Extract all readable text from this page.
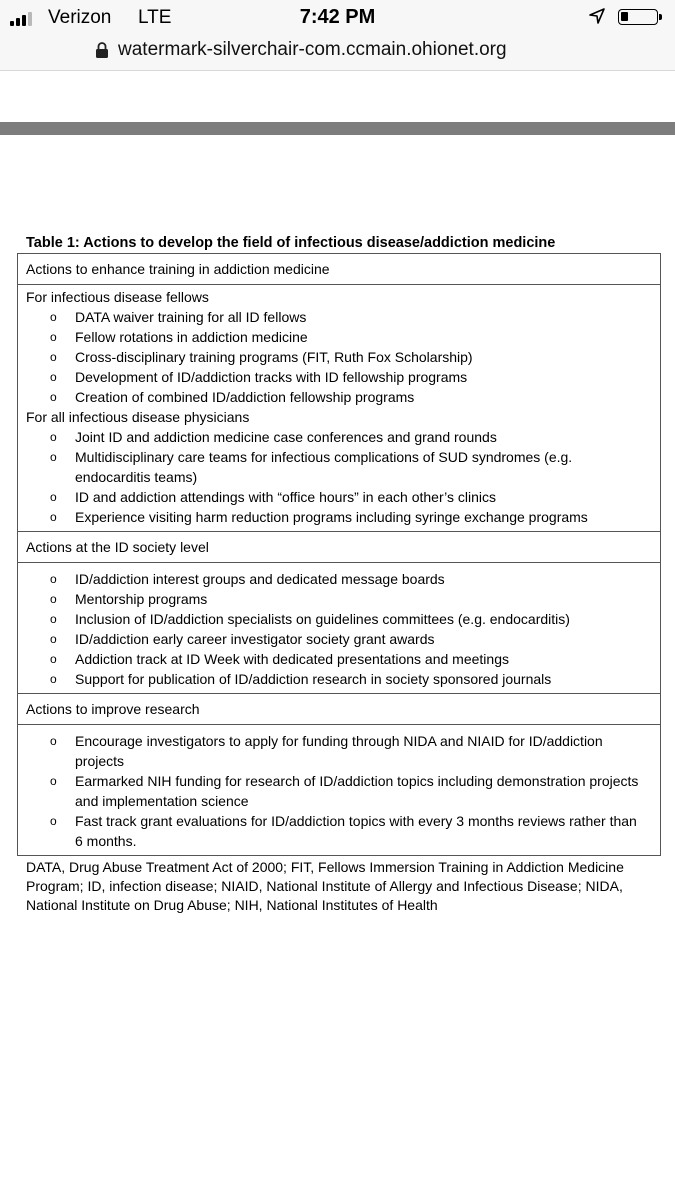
Verizon LTE	7:42 PM
watermark-silverchair-com.ccmain.ohionet.org
Table 1: Actions to develop the field of infectious disease/addiction medicine
Actions to enhance training in addiction medicine
For infectious disease fellows
o DATA waiver training for all ID fellows
o Fellow rotations in addiction medicine
o Cross-disciplinary training programs (FIT, Ruth Fox Scholarship)
o Development of ID/addiction tracks with ID fellowship programs
o Creation of combined ID/addiction fellowship programs
For all infectious disease physicians
o Joint ID and addiction medicine case conferences and grand rounds
o Multidisciplinary care teams for infectious complications of SUD syndromes (e.g. endocarditis teams)
o ID and addiction attendings with “office hours” in each other’s clinics
o Experience visiting harm reduction programs including syringe exchange programs
Actions at the ID society level
o ID/addiction interest groups and dedicated message boards
o Mentorship programs
o Inclusion of ID/addiction specialists on guidelines committees (e.g. endocarditis)
o ID/addiction early career investigator society grant awards
o Addiction track at ID Week with dedicated presentations and meetings
o Support for publication of ID/addiction research in society sponsored journals
Actions to improve research
o Encourage investigators to apply for funding through NIDA and NIAID for ID/addiction projects
o Earmarked NIH funding for research of ID/addiction topics including demonstration projects and implementation science
o Fast track grant evaluations for ID/addiction topics with every 3 months reviews rather than 6 months.
DATA, Drug Abuse Treatment Act of 2000; FIT, Fellows Immersion Training in Addiction Medicine Program; ID, infection disease; NIAID, National Institute of Allergy and Infectious Disease; NIDA, National Institute on Drug Abuse; NIH, National Institutes of Health
